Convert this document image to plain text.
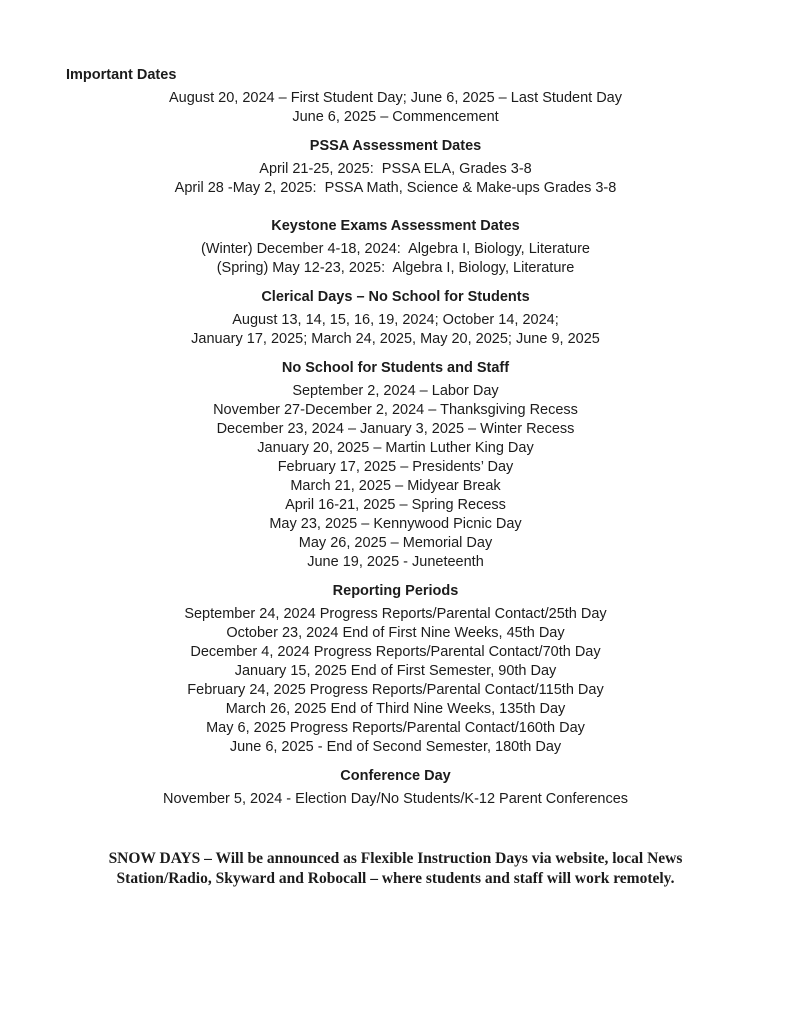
Important Dates
August 20, 2024 – First Student Day; June 6, 2025 – Last Student Day
June 6, 2025 – Commencement
PSSA Assessment Dates
April 21-25, 2025:  PSSA ELA, Grades 3-8
April 28 -May 2, 2025:  PSSA Math, Science & Make-ups Grades 3-8
Keystone Exams Assessment Dates
(Winter) December 4-18, 2024:  Algebra I, Biology, Literature
(Spring) May 12-23, 2025:  Algebra I, Biology, Literature
Clerical Days – No School for Students
August 13, 14, 15, 16, 19, 2024; October 14, 2024;
January 17, 2025; March 24, 2025, May 20, 2025; June 9, 2025
No School for Students and Staff
September 2, 2024 – Labor Day
November 27-December 2, 2024 – Thanksgiving Recess
December 23, 2024 – January 3, 2025 – Winter Recess
January 20, 2025 – Martin Luther King Day
February 17, 2025 – Presidents’ Day
March 21, 2025 – Midyear Break
April 16-21, 2025 – Spring Recess
May 23, 2025 – Kennywood Picnic Day
May 26, 2025 – Memorial Day
June 19, 2025 - Juneteenth
Reporting Periods
September 24, 2024 Progress Reports/Parental Contact/25th Day
October 23, 2024 End of First Nine Weeks, 45th Day
December 4, 2024 Progress Reports/Parental Contact/70th Day
January 15, 2025 End of First Semester, 90th Day
February 24, 2025 Progress Reports/Parental Contact/115th Day
March 26, 2025 End of Third Nine Weeks, 135th Day
May 6, 2025 Progress Reports/Parental Contact/160th Day
June 6, 2025 - End of Second Semester, 180th Day
Conference Day
November 5, 2024 - Election Day/No Students/K-12 Parent Conferences
SNOW DAYS – Will be announced as Flexible Instruction Days via website, local News
Station/Radio, Skyward and Robocall – where students and staff will work remotely.
